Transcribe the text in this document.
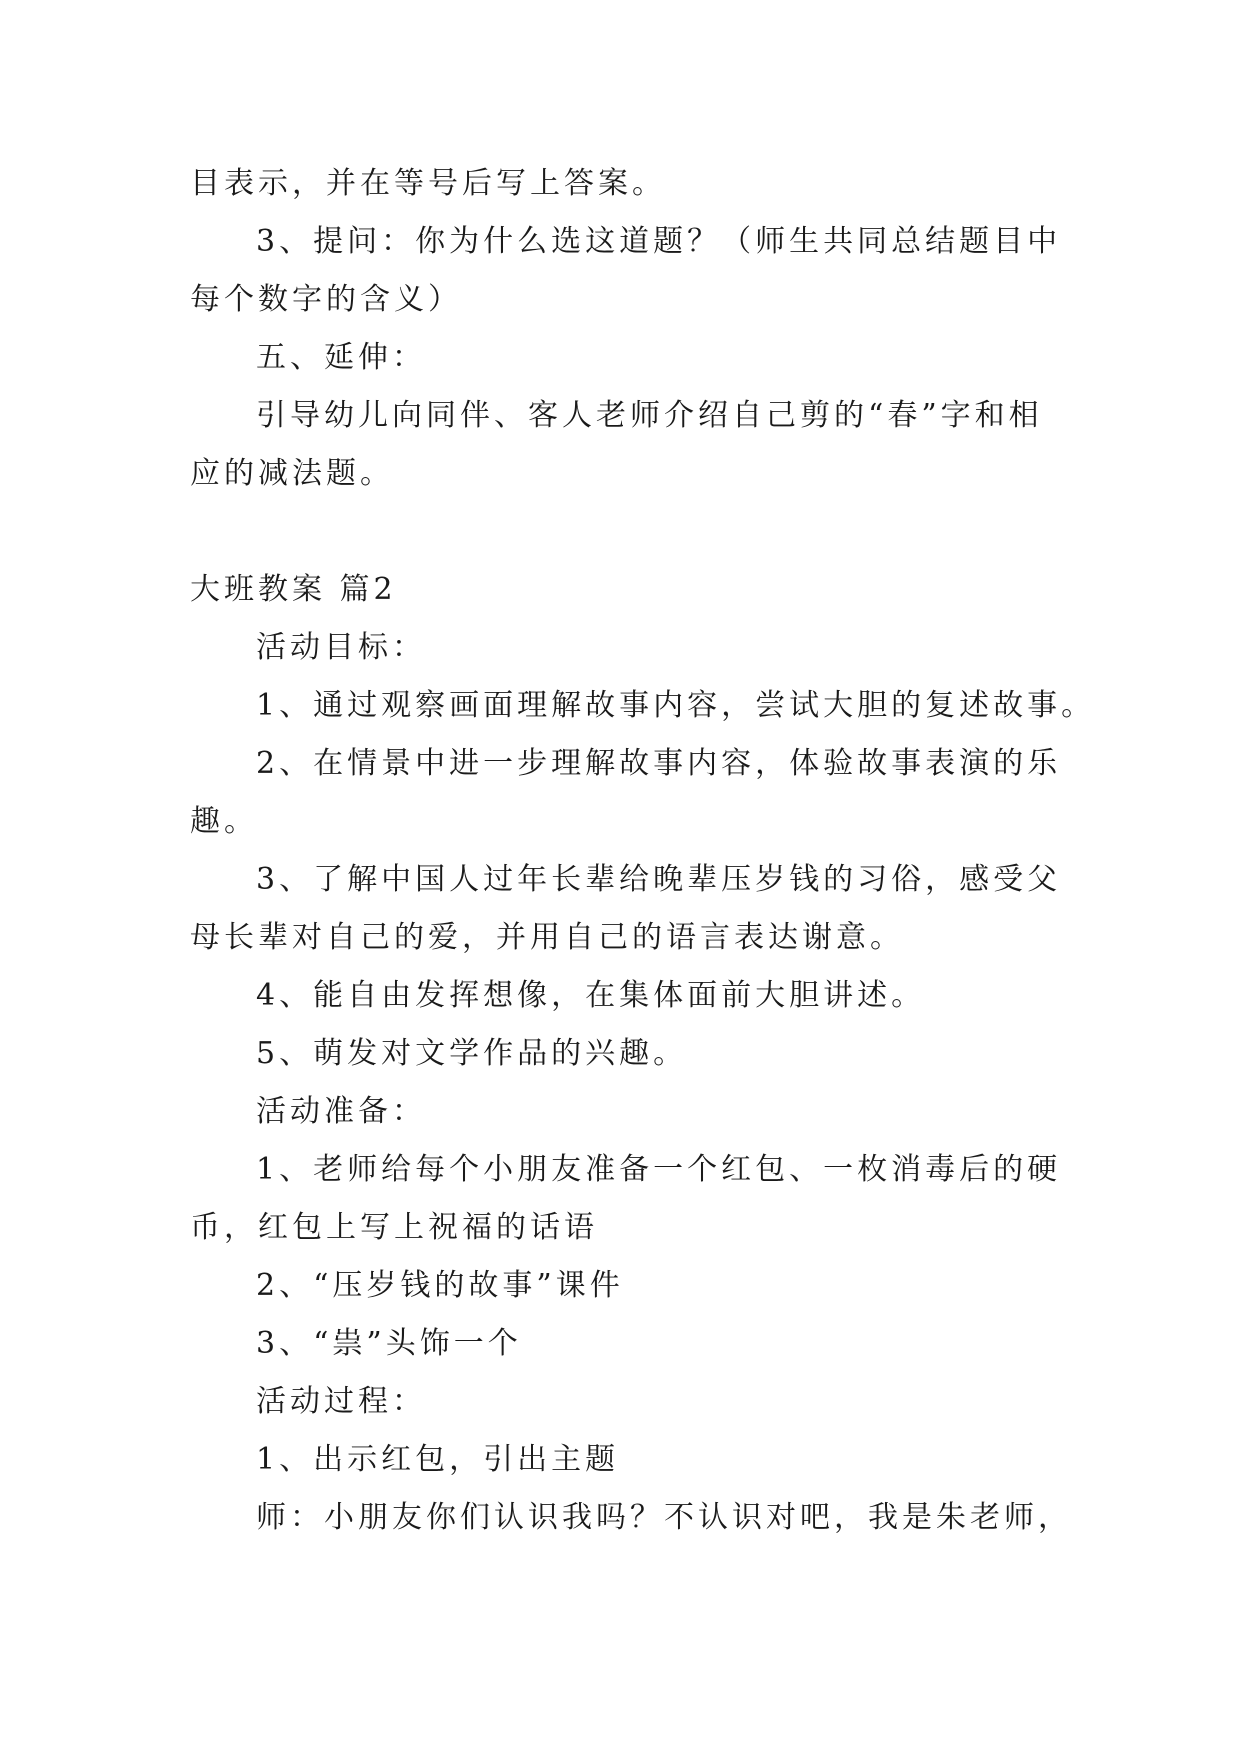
目表示，并在等号后写上答案。
3、提问：你为什么选这道题？（师生共同总结题目中
每个数字的含义）
五、延伸：
引导幼儿向同伴、客人老师介绍自己剪的“春”字和相
应的减法题。
大班教案 篇2
活动目标：
1、通过观察画面理解故事内容，尝试大胆的复述故事。
2、在情景中进一步理解故事内容，体验故事表演的乐
趣。
3、了解中国人过年长辈给晚辈压岁钱的习俗，感受父
母长辈对自己的爱，并用自己的语言表达谢意。
4、能自由发挥想像，在集体面前大胆讲述。
5、萌发对文学作品的兴趣。
活动准备：
1、老师给每个小朋友准备一个红包、一枚消毒后的硬
币，红包上写上祝福的话语
2、“压岁钱的故事”课件
3、“祟”头饰一个
活动过程：
1、出示红包，引出主题
师：小朋友你们认识我吗？不认识对吧，我是朱老师，
